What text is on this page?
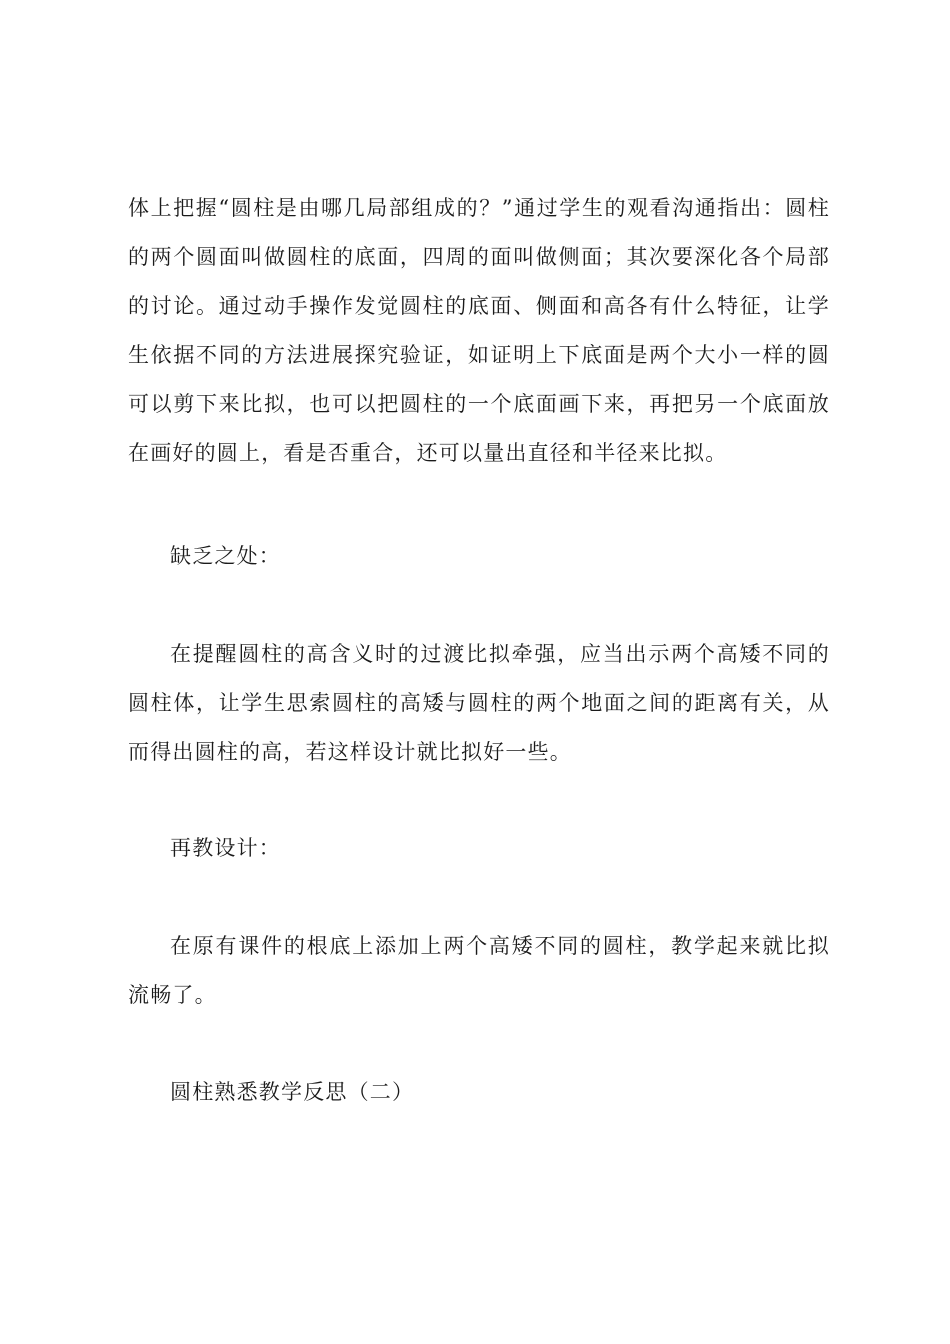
体上把握“圆柱是由哪几局部组成的？”通过学生的观看沟通指出：圆柱的两个圆面叫做圆柱的底面，四周的面叫做侧面；其次要深化各个局部的讨论。通过动手操作发觉圆柱的底面、侧面和高各有什么特征，让学生依据不同的方法进展探究验证，如证明上下底面是两个大小一样的圆可以剪下来比拟，也可以把圆柱的一个底面画下来，再把另一个底面放在画好的圆上，看是否重合，还可以量出直径和半径来比拟。

缺乏之处：

在提醒圆柱的高含义时的过渡比拟牵强，应当出示两个高矮不同的圆柱体，让学生思索圆柱的高矮与圆柱的两个地面之间的距离有关，从而得出圆柱的高，若这样设计就比拟好一些。

再教设计：

在原有课件的根底上添加上两个高矮不同的圆柱，教学起来就比拟流畅了。

圆柱熟悉教学反思（二）
